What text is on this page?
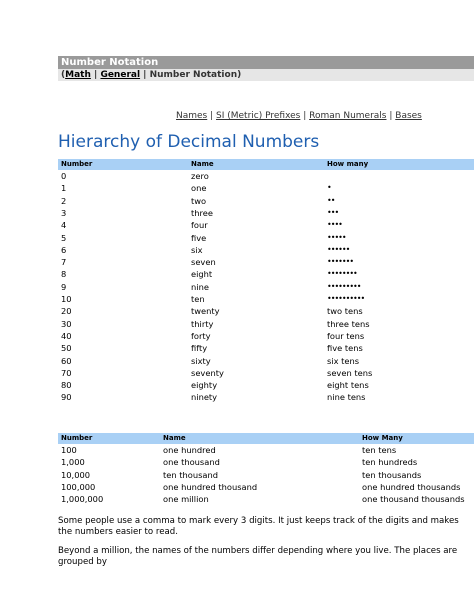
Number Notation
(Math | General | Number Notation)
Names | SI (Metric) Prefixes | Roman Numerals | Bases
Hierarchy of Decimal Numbers
Number	Name	How many
0	zero
1	one	•
2	two	••
3	three	•••
4	four	••••
5	five	•••••
6	six	••••••
7	seven	•••••••
8	eight	••••••••
9	nine	•••••••••
10	ten	••••••••••
20	twenty	two tens
30	thirty	three tens
40	forty	four tens
50	fifty	five tens
60	sixty	six tens
70	seventy	seven tens
80	eighty	eight tens
90	ninety	nine tens
Number	Name	How Many
100	one hundred	ten tens
1,000	one thousand	ten hundreds
10,000	ten thousand	ten thousands
100,000	one hundred thousand	one hundred thousands
1,000,000	one million	one thousand thousands
Some people use a comma to mark every 3 digits. It just keeps track of the digits and makes the numbers easier to read.
Beyond a million, the names of the numbers differ depending where you live. The places are grouped by
